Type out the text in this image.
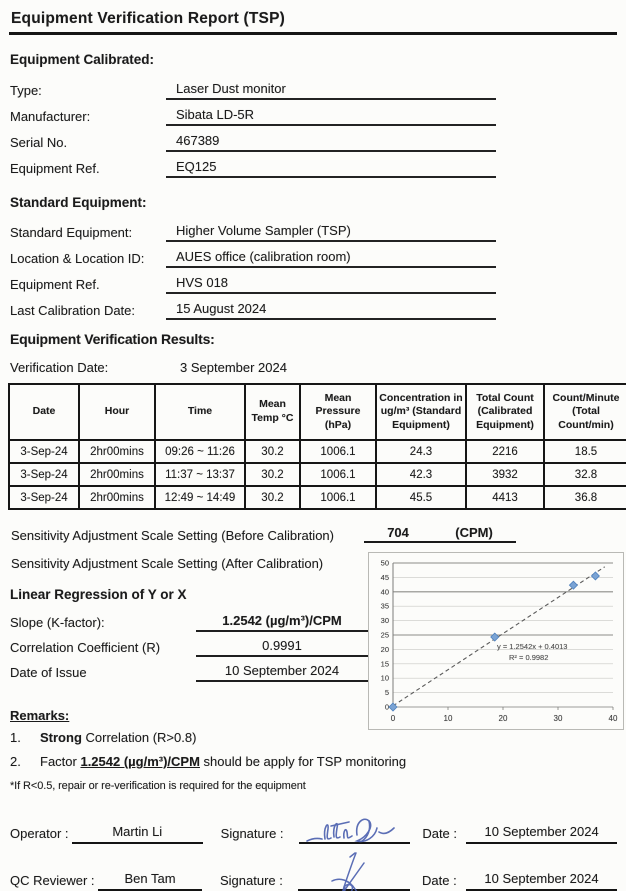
Equipment Verification Report (TSP)
Equipment Calibrated:
Type:	Laser Dust monitor
Manufacturer:	Sibata LD-5R
Serial No.	467389
Equipment Ref.	EQ125
Standard Equipment:
Standard Equipment:	Higher Volume Sampler (TSP)
Location & Location ID:	AUES office (calibration room)
Equipment Ref.	HVS 018
Last Calibration Date:	15 August 2024
Equipment Verification Results:
Verification Date:	3 September 2024
Date	Hour	Time	Mean Temp °C	Mean Pressure (hPa)	Concentration in ug/m³ (Standard Equipment)	Total Count (Calibrated Equipment)	Count/Minute (Total Count/min)
3-Sep-24	2hr00mins	09:26 ~ 11:26	30.2	1006.1	24.3	2216	18.5
3-Sep-24	2hr00mins	11:37 ~ 13:37	30.2	1006.1	42.3	3932	32.8
3-Sep-24	2hr00mins	12:49 ~ 14:49	30.2	1006.1	45.5	4413	36.8
Sensitivity Adjustment Scale Setting (Before Calibration)	704	(CPM)
Sensitivity Adjustment Scale Setting (After Calibration)
Linear Regression of Y or X
Slope (K-factor):	1.2542 (µg/m³)/CPM
Correlation Coefficient (R)	0.9991
Date of Issue	10 September 2024
Remarks:
1.	Strong Correlation (R>0.8)
2.	Factor 1.2542 (µg/m³)/CPM should be apply for TSP monitoring
*If R<0.5, repair or re-verification is required for the equipment
Operator :	Martin Li	Signature :	Date :	10 September 2024
QC Reviewer :	Ben Tam	Signature :	Date :	10 September 2024
0
5
10
15
20
25
30
35
40
45
50
0	10	20	30	40
y = 1.2542x + 0.4013
R² = 0.9982
